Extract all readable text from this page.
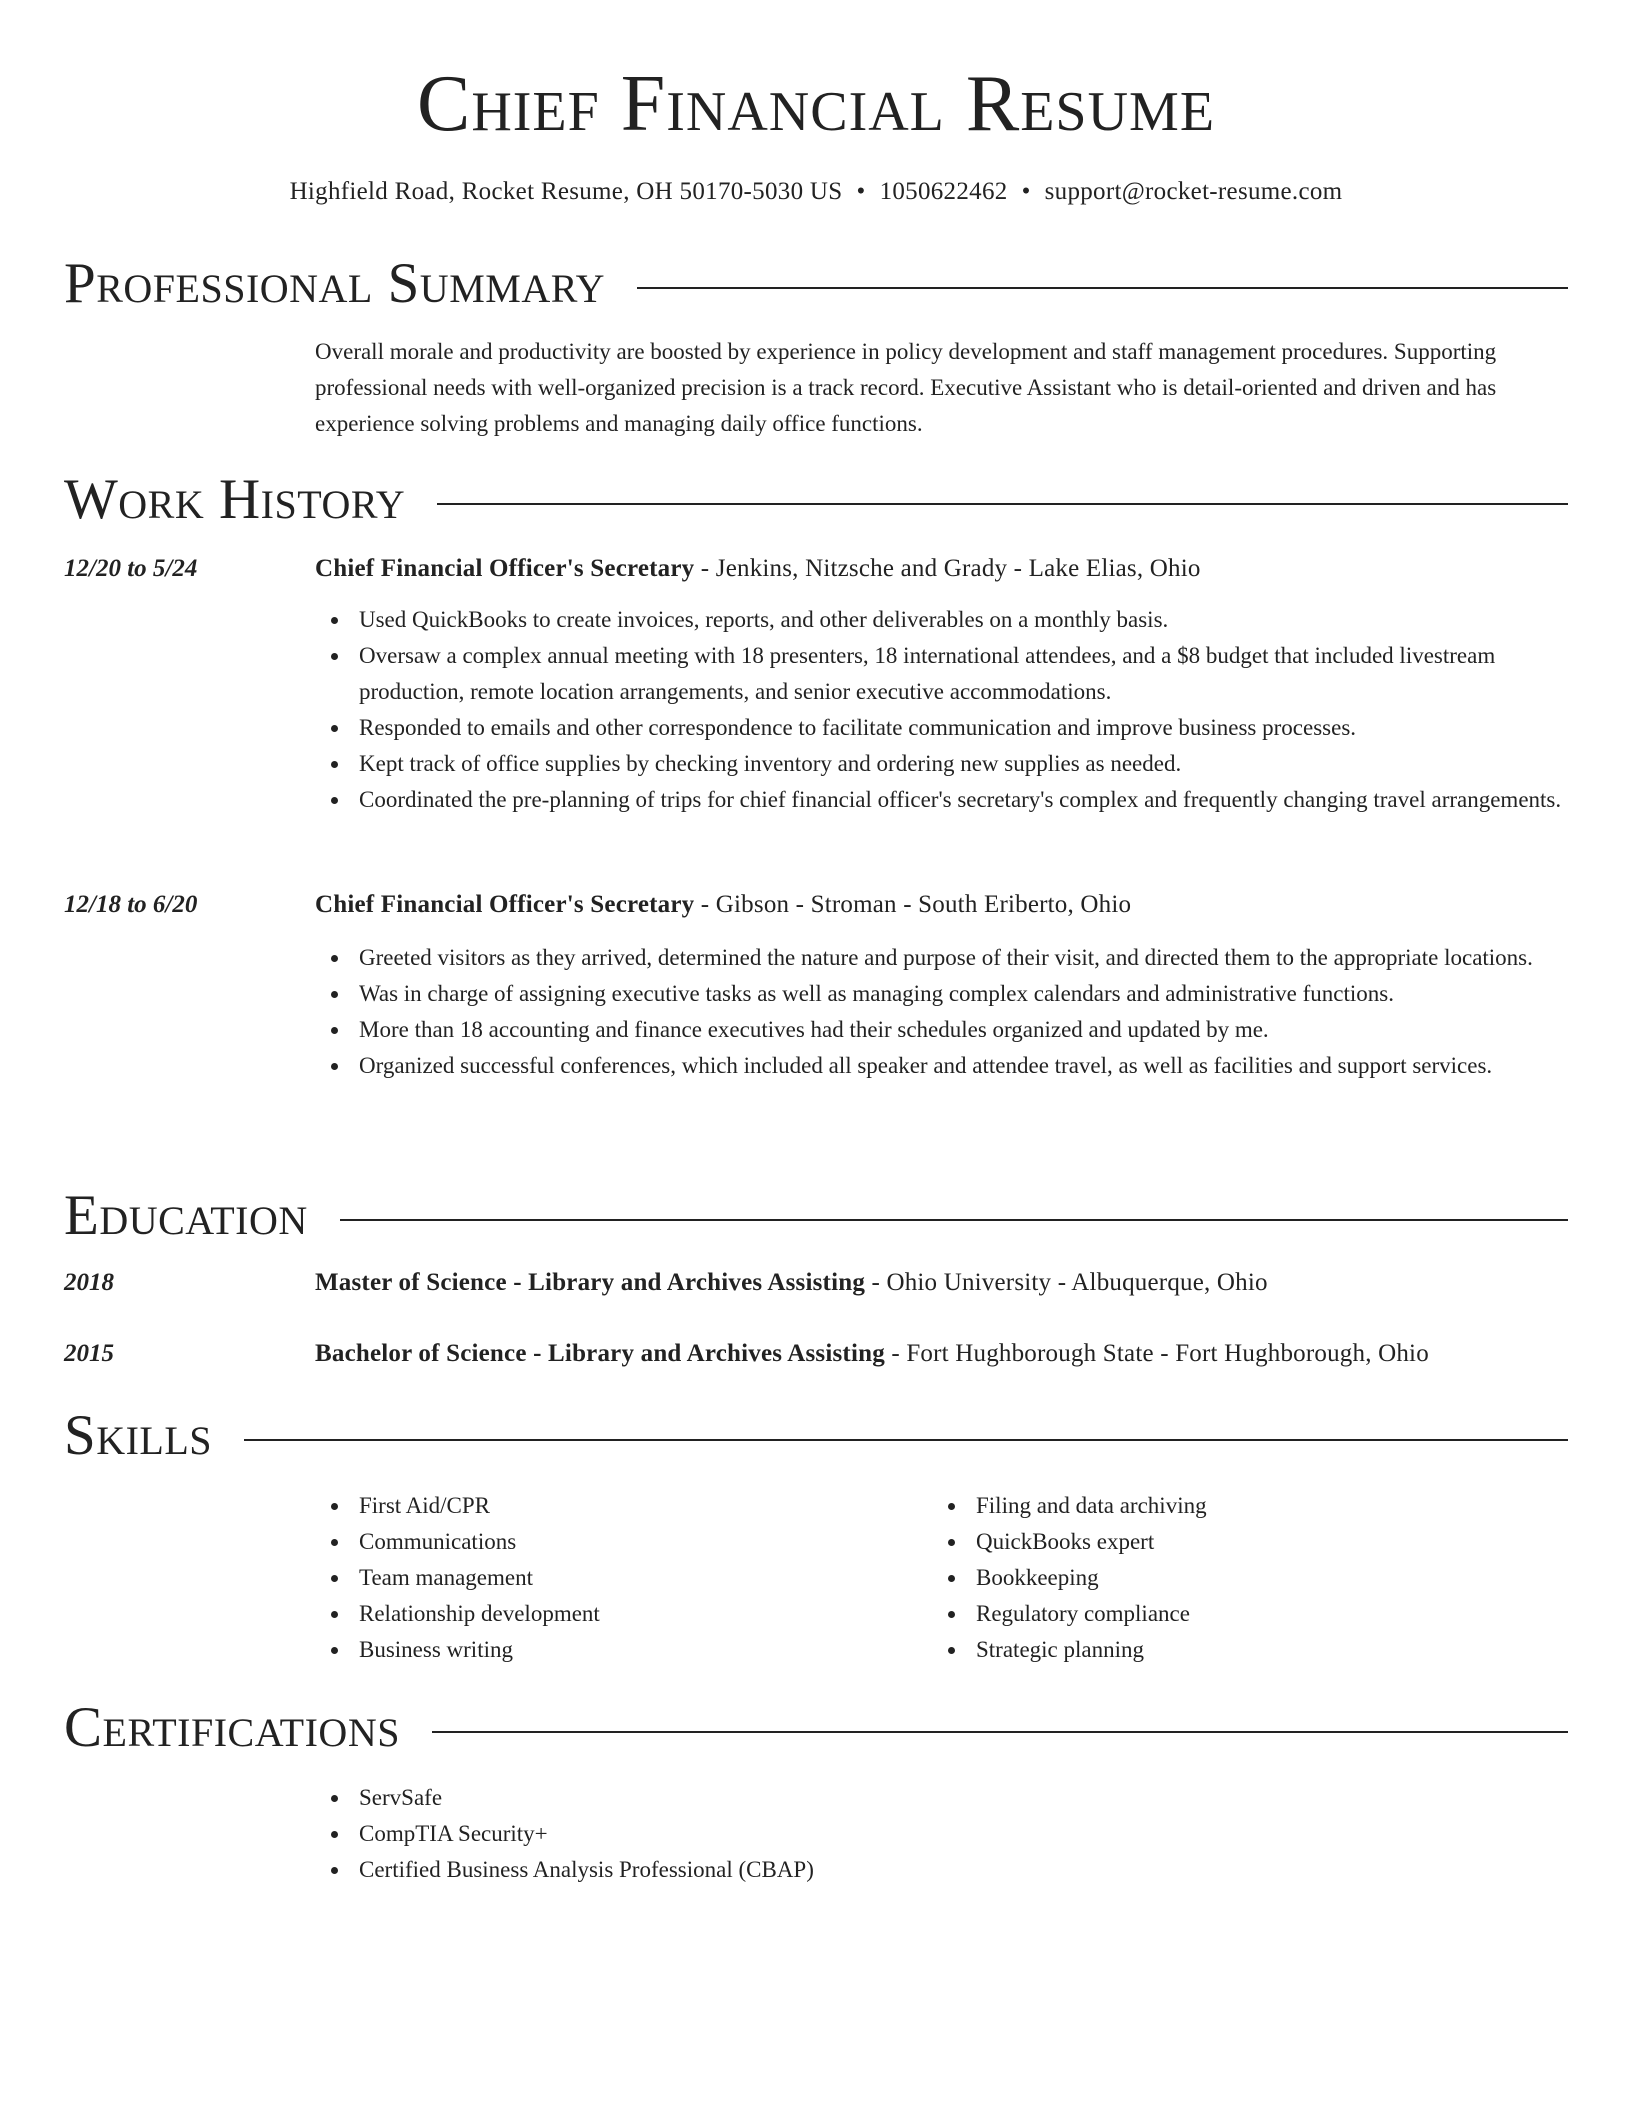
Chief Financial Resume
Highfield Road, Rocket Resume, OH 50170-5030 US • 1050622462 • support@rocket-resume.com
Professional Summary
Overall morale and productivity are boosted by experience in policy development and staff management procedures. Supporting professional needs with well-organized precision is a track record. Executive Assistant who is detail-oriented and driven and has experience solving problems and managing daily office functions.
Work History
12/20 to 5/24	Chief Financial Officer's Secretary - Jenkins, Nitzsche and Grady - Lake Elias, Ohio
Used QuickBooks to create invoices, reports, and other deliverables on a monthly basis.
Oversaw a complex annual meeting with 18 presenters, 18 international attendees, and a $8 budget that included livestream production, remote location arrangements, and senior executive accommodations.
Responded to emails and other correspondence to facilitate communication and improve business processes.
Kept track of office supplies by checking inventory and ordering new supplies as needed.
Coordinated the pre-planning of trips for chief financial officer's secretary's complex and frequently changing travel arrangements.
12/18 to 6/20	Chief Financial Officer's Secretary - Gibson - Stroman - South Eriberto, Ohio
Greeted visitors as they arrived, determined the nature and purpose of their visit, and directed them to the appropriate locations.
Was in charge of assigning executive tasks as well as managing complex calendars and administrative functions.
More than 18 accounting and finance executives had their schedules organized and updated by me.
Organized successful conferences, which included all speaker and attendee travel, as well as facilities and support services.
Education
2018	Master of Science - Library and Archives Assisting - Ohio University - Albuquerque, Ohio
2015	Bachelor of Science - Library and Archives Assisting - Fort Hughborough State - Fort Hughborough, Ohio
Skills
First Aid/CPR
Communications
Team management
Relationship development
Business writing
Filing and data archiving
QuickBooks expert
Bookkeeping
Regulatory compliance
Strategic planning
Certifications
ServSafe
CompTIA Security+
Certified Business Analysis Professional (CBAP)
